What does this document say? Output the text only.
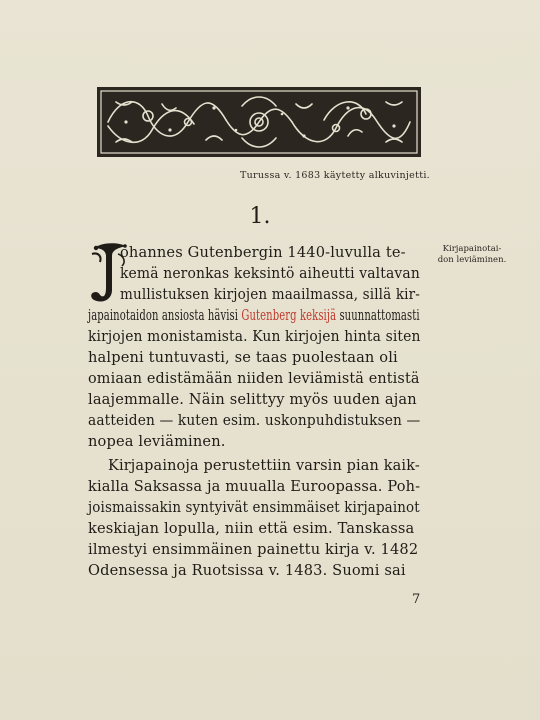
Turussa v. 1683 käytetty alkuvinjetti.
1.
Kirjapainotai-
don leviäminen.
ohannes Gutenbergin 1440-luvulla te-
kemä neronkas keksintö aiheutti valtavan
mullistuksen kirjojen maailmassa, sillä kir-
japainotaidon ansiosta hävisi Gutenberg keksijä suunnattomasti
kirjojen monistamista. Kun kirjojen hinta siten
halpeni tuntuvasti, se taas puolestaan oli
omiaan edistämään niiden leviämistä entistä
laajemmalle. Näin selittyy myös uuden ajan
aatteiden — kuten esim. uskonpuhdistuksen —
nopea leviäminen.
Kirjapainoja perustettiin varsin pian kaik-
kialla Saksassa ja muualla Euroopassa. Poh-
joismaissakin syntyivät ensimmäiset kirjapainot
keskiajan lopulla, niin että esim. Tanskassa
ilmestyi ensimmäinen painettu kirja v. 1482
Odensessa ja Ruotsissa v. 1483. Suomi sai
7
